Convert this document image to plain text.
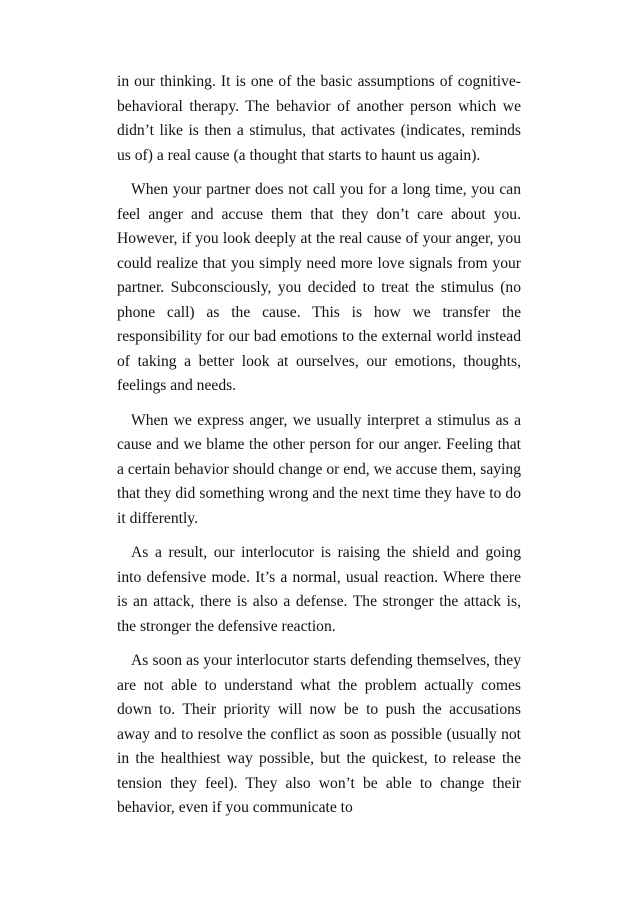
in our thinking. It is one of the basic assumptions of cognitive-behavioral therapy. The behavior of another person which we didn’t like is then a stimulus, that activates (indicates, reminds us of) a real cause (a thought that starts to haunt us again).

When your partner does not call you for a long time, you can feel anger and accuse them that they don’t care about you. However, if you look deeply at the real cause of your anger, you could realize that you simply need more love signals from your partner. Subconsciously, you decided to treat the stimulus (no phone call) as the cause. This is how we transfer the responsibility for our bad emotions to the external world instead of taking a better look at ourselves, our emotions, thoughts, feelings and needs.

When we express anger, we usually interpret a stimulus as a cause and we blame the other person for our anger. Feeling that a certain behavior should change or end, we accuse them, saying that they did something wrong and the next time they have to do it differently.

As a result, our interlocutor is raising the shield and going into defensive mode. It’s a normal, usual reaction. Where there is an attack, there is also a defense. The stronger the attack is, the stronger the defensive reaction.

As soon as your interlocutor starts defending themselves, they are not able to understand what the problem actually comes down to. Their priority will now be to push the accusations away and to resolve the conflict as soon as possible (usually not in the healthiest way possible, but the quickest, to release the tension they feel). They also won’t be able to change their behavior, even if you communicate to
